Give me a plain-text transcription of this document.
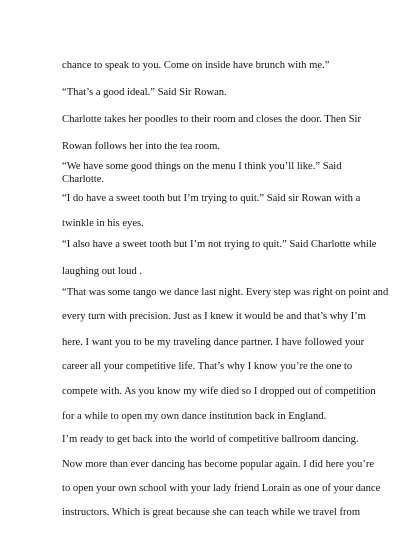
chance to speak to you. Come on inside have brunch with me.”

“That’s a good ideal.” Said Sir Rowan.

Charlotte takes her poodles to their room and closes the door. Then Sir

Rowan follows her into the tea room.

“We have some good things on the menu I think you’ll like.” Said

Charlotte.

“I do have a sweet tooth but I’m trying to quit.” Said sir Rowan with a

twinkle in his eyes.

“I also have a sweet tooth but I’m not trying to quit.” Said Charlotte while

laughing out loud .

“That was some tango we dance last night. Every step was right on point and

every turn with precision. Just as I knew it would be and that’s why I’m

here. I want you to be my traveling dance partner. I have followed your

career all your competitive life. That’s why I know you’re the one to

compete with. As you know my wife died so I dropped out of competition

for a while to open my own dance institution back in England.

I’m ready to get back into the world of competitive ballroom dancing.

Now more than ever dancing has become popular again. I did here you’re

to open your own school with your lady friend Lorain as one of your dance

instructors. Which is great because she can teach while we travel from
